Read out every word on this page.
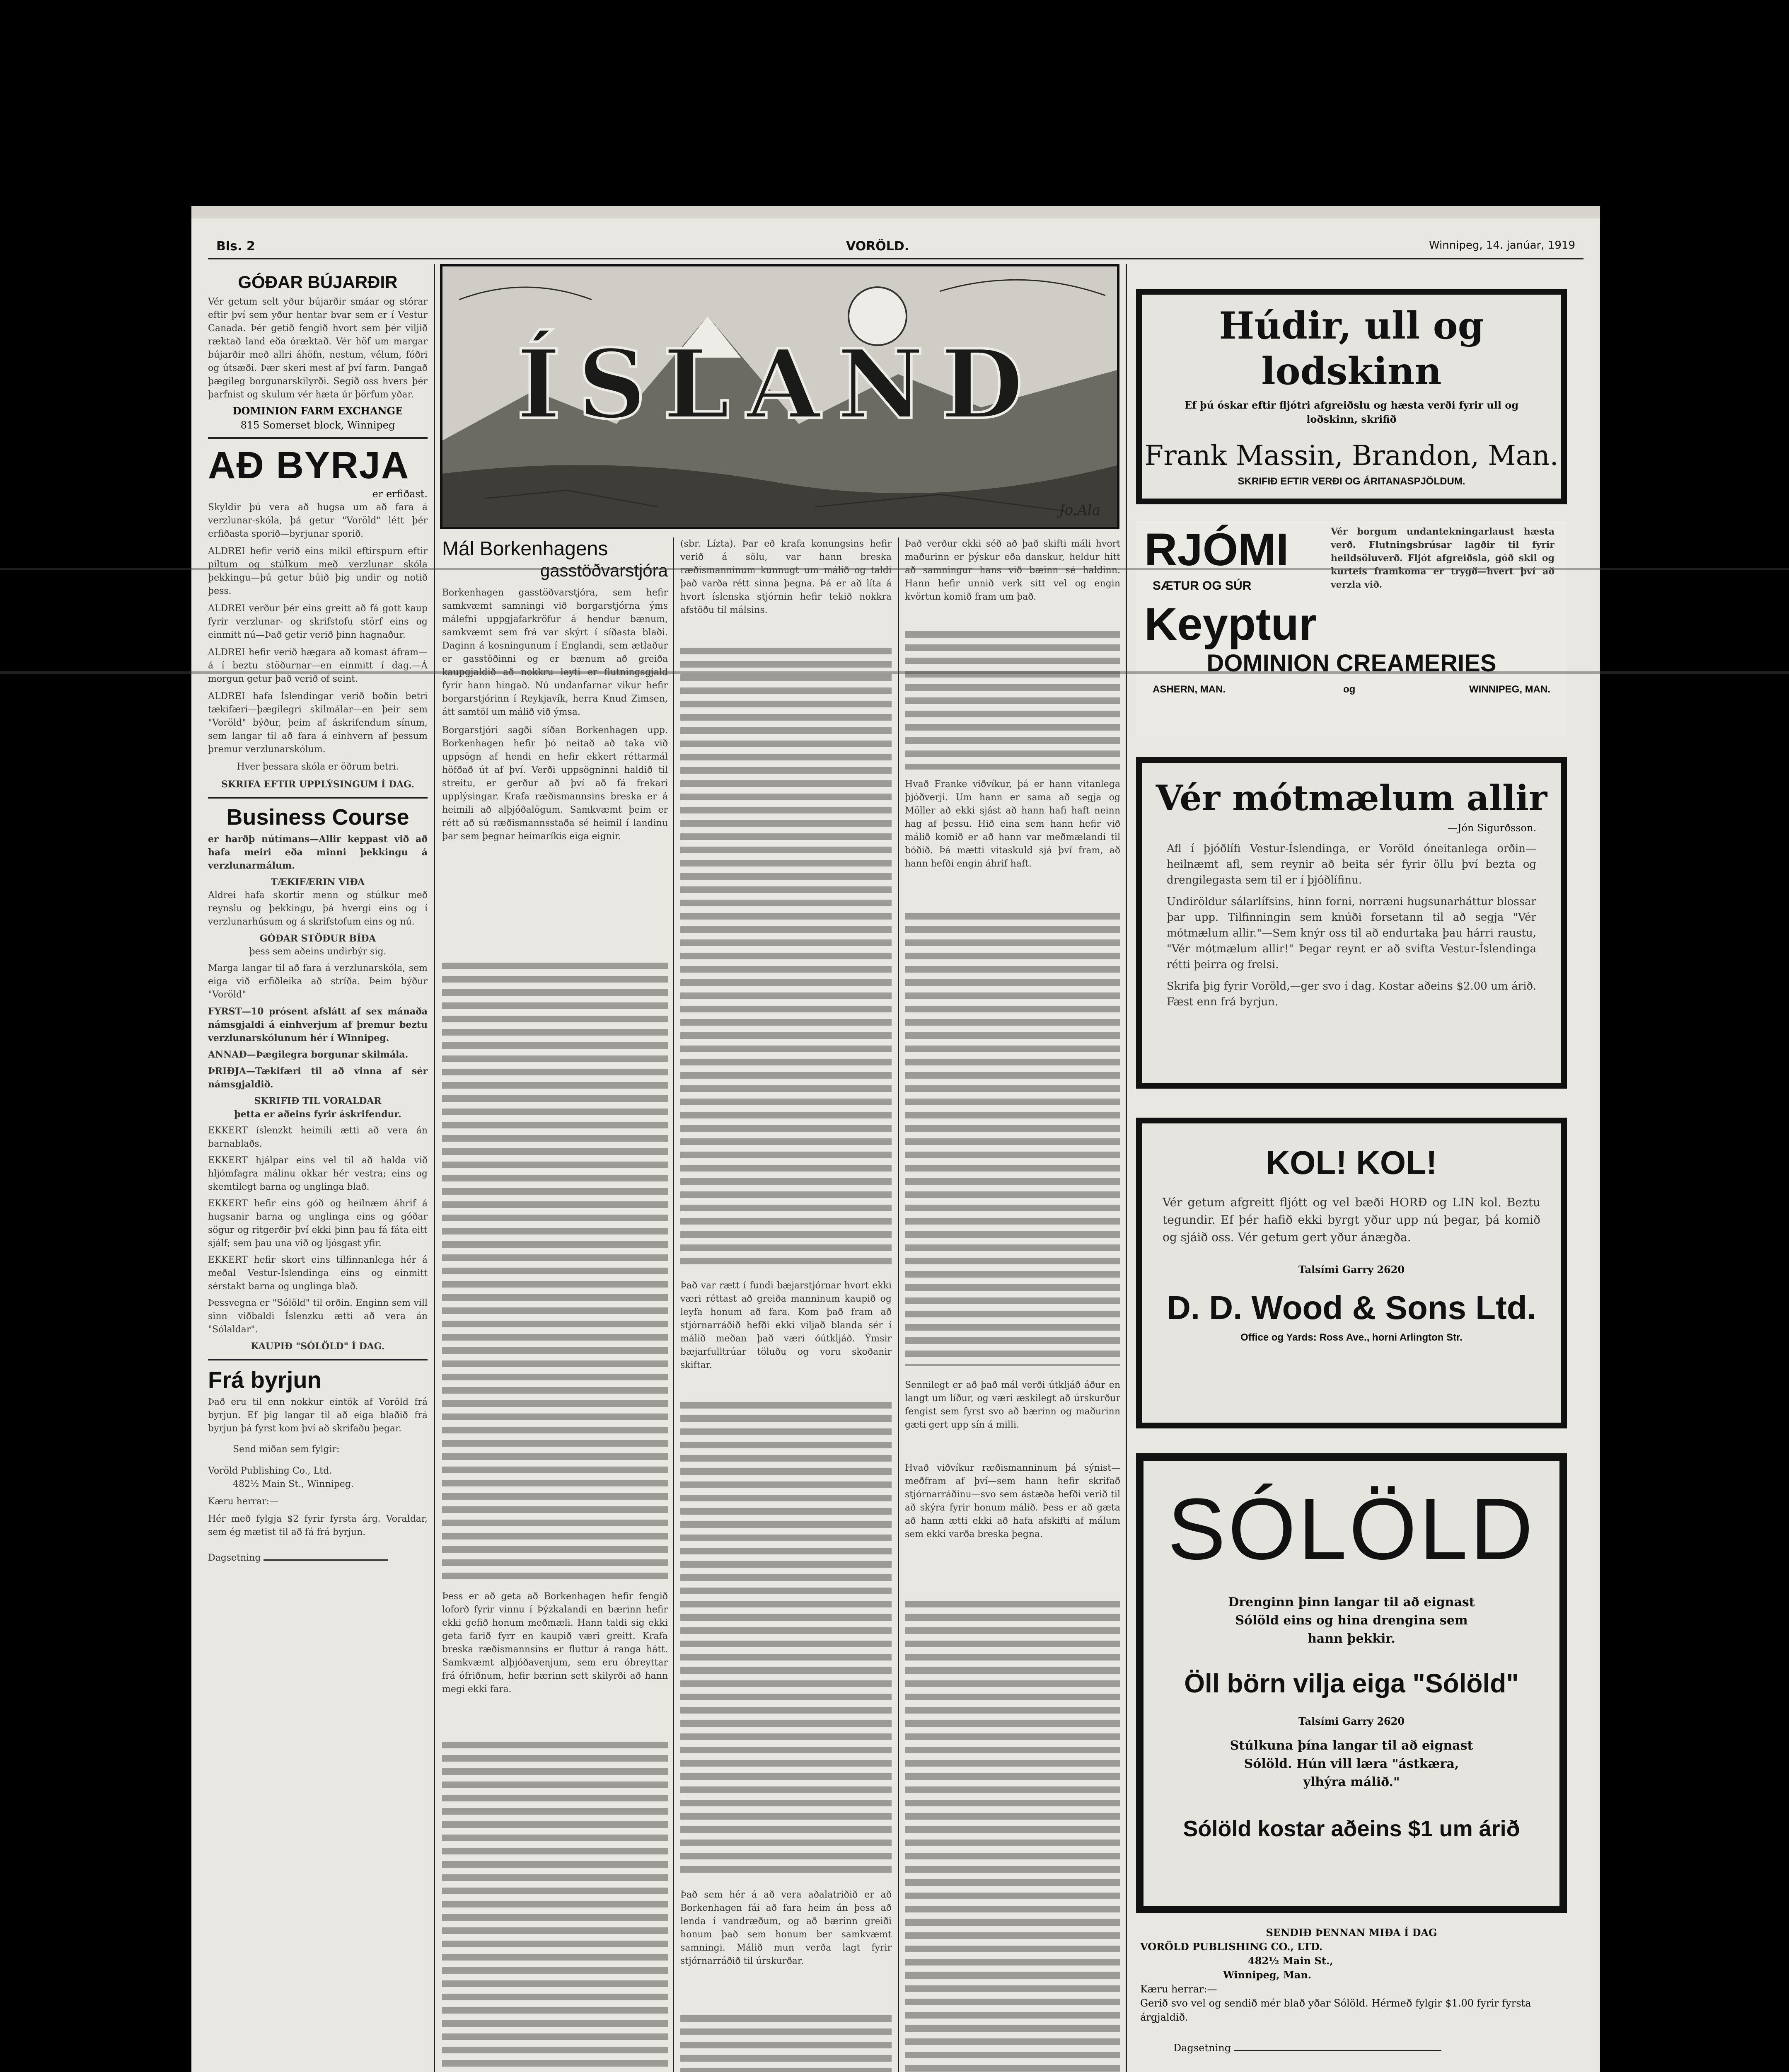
Bls. 2	VORÖLD.	Winnipeg, 14. janúar, 1919
GÓÐAR BÚJARÐIR
Vér getum selt yður bújarðir smáar og stórar eftir því sem yður hentar bvar sem er í Vestur Canada. Þér getið fengið hvort sem þér viljið ræktað land eða óræktað. Vér höf um margar bújarðir með allri áhöfn, nestum, vélum, fóðri og útsæði. Þær skeri mest af því farm. Þangað þægileg borgunarskilyrði. Segið oss hvers þér þarfnist og skulum vér hæta úr þörfum yðar.
DOMINION FARM EXCHANGE
815 Somerset block, Winnipeg
AÐ BYRJA
er erfiðast.
Skyldir þú vera að hugsa um að fara á verzlunar-skóla, þá getur "Voröld" létt þér erfiðasta sporið—byrjunar sporið.
ALDREI hefir verið eins mikil eftirspurn eftir piltum og stúlkum með verzlunar skóla þekkingu—þú getur búið þig undir og notið þess.
ALDREI verður þér eins greitt að fá gott kaup fyrir verzlunar- og skrifstofu störf eins og einmitt nú—Það getir verið þinn hagnaður.
ALDREI hefir verið hægara að komast áfram—á í beztu stöðurnar—en einmitt í dag.—Á morgun getur það verið of seint.
ALDREI hafa Íslendingar verið boðin betri tækifæri—þægilegri skilmálar—en þeir sem "Voröld" býður, þeim af áskrifendum sínum, sem langar til að fara á einhvern af þessum þremur verzlunarskólum.
Hver þessara skóla er öðrum betri.
SKRIFA EFTIR UPPLÝSINGUM Í DAG.
Business Course
er harðþ nútímans—Allir keppast við að hafa meiri eða minni þekkingu á verzlunarmálum.
TÆKIFÆRIN VIÐA
Aldrei hafa skortir menn og stúlkur með reynslu og þekkingu, þá hvergi eins og í verzlunarhúsum og á skrifstofum eins og nú.
GÓÐAR STÖÐUR BÍÐA
þess sem aðeins undirbýr sig.
Marga langar til að fara á verzlunarskóla, sem eiga við erfiðleika að stríða. Þeim býður "Voröld"
FYRST—10 prósent afslátt af sex mánaða námsgjaldi á einhverjum af þremur beztu verzlunarskólunum hér í Winnipeg.
ANNAÐ—Þægilegra borgunar skilmála.
ÞRIÐJA—Tækifæri til að vinna af sér námsgjaldið.
SKRIFIÐ TIL VORALDAR
þetta er aðeins fyrir áskrifendur.
EKKERT íslenzkt heimili ætti að vera án barnablaðs.
EKKERT hjálpar eins vel til að halda við hljómfagra málinu okkar hér vestra; eins og skemtilegt barna og unglinga blað.
EKKERT hefir eins góð og heilnæm áhrif á hugsanir barna og unglinga eins og góðar sögur og ritgerðir því ekki þinn þau fá fáta eitt sjálf; sem þau una við og ljósgast yfir.
EKKERT hefir skort eins tilfinnanlega hér á meðal Vestur-Íslendinga eins og einmitt sérstakt barna og unglinga blað.
Þessvegna er "Sólöld" til orðin. Enginn sem vill sinn viðbaldi Íslenzku ætti að vera án "Sólaldar".
KAUPIÐ "SÓLÖLD" Í DAG.
Frá byrjun
Það eru til enn nokkur eintök af Voröld frá byrjun. Ef þig langar til að eiga blaðið frá byrjun þá fyrst kom því að skrifaðu þegar.
Send miðan sem fylgir:
Voröld Publishing Co., Ltd.
482½ Main St., Winnipeg.
Kæru herrar:—
Hér með fylgja $2 fyrir fyrsta árg. Voraldar, sem ég mætist til að fá frá byrjun.
Dagsetning
ÍSLAND
Jo.Ala
Mál Borkenhagens
gasstöðvarstjóra
Borkenhagen gasstöðvarstjóra, sem hefir samkvæmt samningi við borgarstjórna ýms málefni uppgjafarkröfur á hendur bænum, samkvæmt sem frá var skýrt í síðasta blaði. Daginn á kosningunum í Englandi, sem ætlaður er gasstöðinni og er bænum að greiða kaupgjaldið að nokkru leyti er flutningsgjald fyrir hann hingað. Nú undanfarnar vikur hefir borgarstjórinn í Reykjavík, herra Knud Zimsen, átt samtöl um málið við ýmsa.
Borgarstjóri sagði síðan Borkenhagen upp. Borkenhagen hefir þó neitað að taka við uppsögn af hendi en hefir ekkert réttarmál höfðað út af því. Verði uppsögninni haldið til streitu, er gerður að því að fá frekari upplýsingar. Krafa ræðismannsins breska er á heimili að alþjóðalögum. Samkvæmt þeim er rétt að sú ræðismannsstaða sé heimil í landinu þar sem þegnar heimaríkis eiga eignir.
Þess er að geta að Borkenhagen hefir fengið loforð fyrir vinnu í Þýzkalandi en bærinn hefir ekki gefið honum meðmæli. Hann taldi sig ekki geta farið fyrr en kaupið væri greitt. Krafa breska ræðismannsins er fluttur á ranga hátt. Samkvæmt alþjóðavenjum, sem eru óbreyttar frá ófriðnum, hefir bærinn sett skilyrði að hann megi ekki fara.
(sbr. Lízta). Þar eð krafa konungsins hefir verið á sölu, var hann breska ræðismanninum kunnugt um málið og taldi það varða rétt sinna þegna. Þá er að líta á hvort íslenska stjórnin hefir tekið nokkra afstöðu til málsins.
Það var rætt í fundi bæjarstjórnar hvort ekki væri réttast að greiða manninum kaupið og leyfa honum að fara. Kom það fram að stjórnarráðið hefði ekki viljað blanda sér í málið meðan það væri óútkljáð. Ýmsir bæjarfulltrúar töluðu og voru skoðanir skiftar.
Það sem hér á að vera aðalatriðið er að Borkenhagen fái að fara heim án þess að lenda í vandræðum, og að bærinn greiði honum það sem honum ber samkvæmt samningi. Málið mun verða lagt fyrir stjórnarráðið til úrskurðar.
Það verður ekki séð að það skifti máli hvort maðurinn er þýskur eða danskur, heldur hitt að samningur hans við bæinn sé haldinn. Hann hefir unnið verk sitt vel og engin kvörtun komið fram um það.
Hvað Franke viðvíkur, þá er hann vitanlega þjóðverji. Um hann er sama að segja og Möller að ekki sjást að hann hafi haft neinn hag af þessu. Hið eina sem hann hefir við málið komið er að hann var meðmælandi til bóðið. Þá mætti vitaskuld sjá því fram, að hann hefði engin áhrif haft.
Sennilegt er að það mál verði útkljáð áður en langt um líður, og væri æskilegt að úrskurður fengist sem fyrst svo að bærinn og maðurinn gæti gert upp sín á milli.
Hvað viðvíkur ræðismanninum þá sýnist—meðfram af því—sem hann hefir skrifað stjórnarráðinu—svo sem ástæða hefði verið til að skýra fyrir honum málið. Þess er að gæta að hann ætti ekki að hafa afskifti af málum sem ekki varða breska þegna.
Húdir, ull og lodskinn
Ef þú óskar eftir fljótri afgreiðslu og hæsta verði fyrir ull og loðskinn, skrifið
Frank Massin, Brandon, Man.
SKRIFIÐ EFTIR VERÐI OG ÁRITANASPJÖLDUM.
RJÓMI
SÆTUR OG SÚR
Keyptur
Vér borgum undantekningarlaust hæsta verð. Flutningsbrúsar lagðir til fyrir heildsöluverð. Fljót afgreiðsla, góð skil og kurteis framkoma er trygð—hvert því að verzla við.
DOMINION CREAMERIES
ASHERN, MAN.	og	WINNIPEG, MAN.
Vér mótmælum allir
—Jón Sigurðsson.
Afl í þjóðlífi Vestur-Íslendinga, er Voröld óneitanlega orðin—heilnæmt afl, sem reynir að beita sér fyrir öllu því bezta og drengilegasta sem til er í þjóðlífinu.
Undiröldur sálarlífsins, hinn forni, norræni hugsunarháttur blossar þar upp. Tilfinningin sem knúði forsetann til að segja "Vér mótmælum allir."—Sem knýr oss til að endurtaka þau hárri raustu, "Vér mótmælum allir!" Þegar reynt er að svifta Vestur-Íslendinga rétti þeirra og frelsi.
Skrifa þig fyrir Voröld,—ger svo í dag. Kostar aðeins $2.00 um árið. Fæst enn frá byrjun.
KOL! KOL!
Vér getum afgreitt fljótt og vel bæði HORÐ og LIN kol. Beztu tegundir. Ef þér hafið ekki byrgt yður upp nú þegar, þá komið og sjáið oss. Vér getum gert yður ánægða.
Talsími Garry 2620
D. D. Wood & Sons Ltd.
Office og Yards: Ross Ave., horni Arlington Str.
SÓLÖLD
Drenginn þinn langar til að eignast Sólöld eins og hina drengina sem hann þekkir.
Öll börn vilja eiga "Sólöld"
Talsími Garry 2620
Stúlkuna þína langar til að eignast Sólöld. Hún vill læra "ástkæra, ylhýra málið."
Sólöld kostar aðeins $1 um árið
SENDIÐ ÞENNAN MIÐA Í DAG
VORÖLD PUBLISHING CO., LTD.
482½ Main St.,
Winnipeg, Man.
Kæru herrar:—
Gerið svo vel og sendið mér blað yðar Sólöld. Hérmeð fylgir $1.00 fyrir fyrsta árgjaldið.
Dagsetning
